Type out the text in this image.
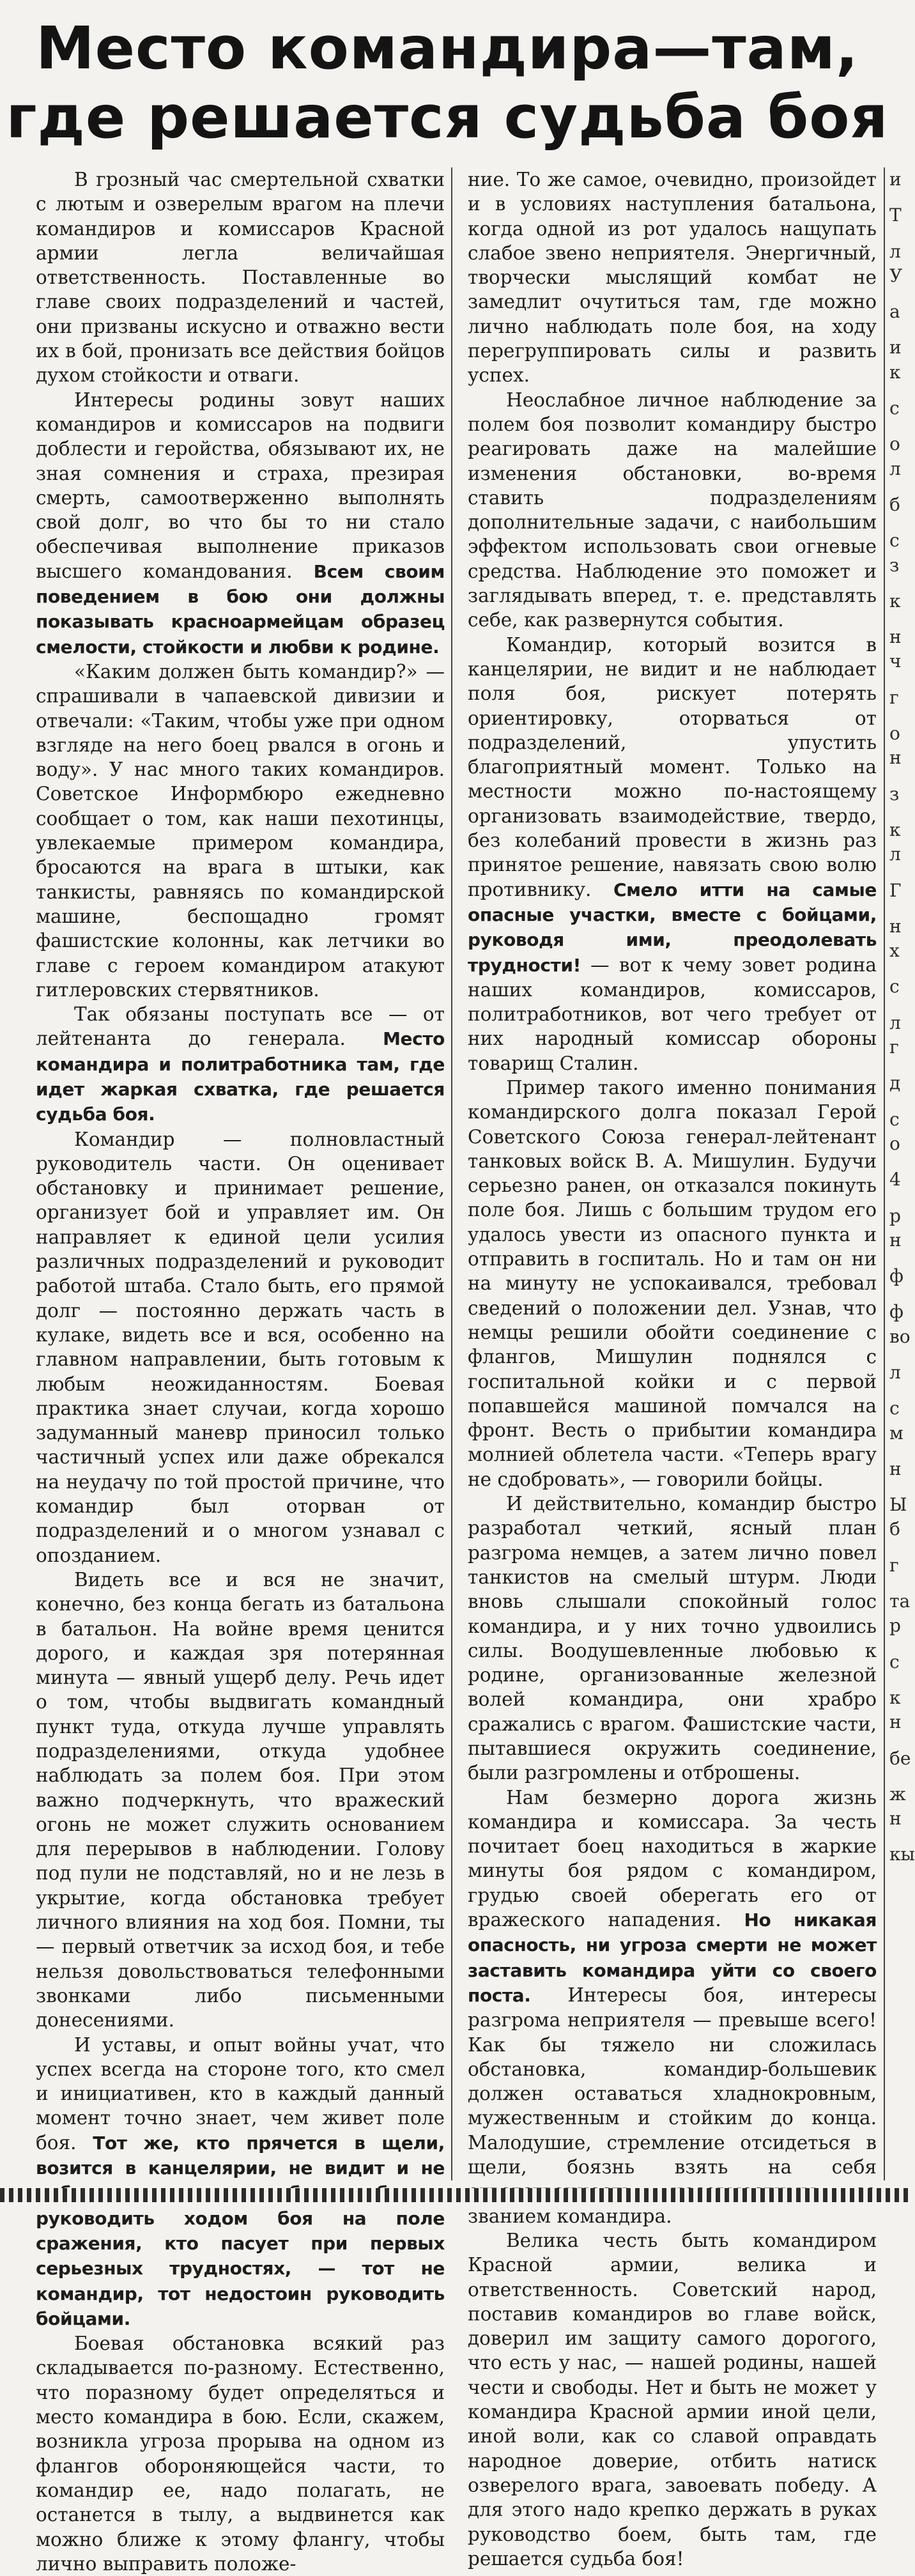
Место командира—там,
где решается судьба боя

В грозный час смертельной схватки с лютым и озверелым врагом на плечи командиров и комиссаров Красной армии легла величайшая ответственность. Поставленные во главе своих подразделений и частей, они призваны искусно и отважно вести их в бой, пронизать все действия бойцов духом стойкости и отваги.

Интересы родины зовут наших командиров и комиссаров на подвиги доблести и геройства, обязывают их, не зная сомнения и страха, презирая смерть, самоотверженно выполнять свой долг, во что бы то ни стало обеспечивая выполнение приказов высшего командования. Всем своим поведением в бою они должны показывать красноармейцам образец смелости, стойкости и любви к родине.

«Каким должен быть командир?» — спрашивали в чапаевской дивизии и отвечали: «Таким, чтобы уже при одном взгляде на него боец рвался в огонь и воду». У нас много таких командиров. Советское Информбюро ежедневно сообщает о том, как наши пехотинцы, увлекаемые примером командира, бросаются на врага в штыки, как танкисты, равняясь по командирской машине, беспощадно громят фашистские колонны, как летчики во главе с героем командиром атакуют гитлеровских стервятников.

Так обязаны поступать все — от лейтенанта до генерала. Место командира и политработника там, где идет жаркая схватка, где решается судьба боя.

Командир — полновластный руководитель части. Он оценивает обстановку и принимает решение, организует бой и управляет им. Он направляет к единой цели усилия различных подразделений и руководит работой штаба. Стало быть, его прямой долг — постоянно держать часть в кулаке, видеть все и вся, особенно на главном направлении, быть готовым к любым неожиданностям. Боевая практика знает случаи, когда хорошо задуманный маневр приносил только частичный успех или даже обрекался на неудачу по той простой причине, что командир был оторван от подразделений и о многом узнавал с опозданием.

Видеть все и вся не значит, конечно, без конца бегать из батальона в батальон. На войне время ценится дорого, и каждая зря потерянная минута — явный ущерб делу. Речь идет о том, чтобы выдвигать командный пункт туда, откуда лучше управлять подразделениями, откуда удобнее наблюдать за полем боя. При этом важно подчеркнуть, что вражеский огонь не может служить основанием для перерывов в наблюдении. Голову под пули не подставляй, но и не лезь в укрытие, когда обстановка требует личного влияния на ход боя. Помни, ты — первый ответчик за исход боя, и тебе нельзя довольствоваться телефонными звонками либо письменными донесениями.

И уставы, и опыт войны учат, что успех всегда на стороне того, кто смел и инициативен, кто в каждый данный момент точно знает, чем живет поле боя. Тот же, кто прячется в щели, возится в канцелярии, не видит и не руководить ходом боя на поле сражения, кто пасует при первых серьезных трудностях, — тот не командир, тот недостоин руководить бойцами.

Боевая обстановка всякий раз складывается по-разному. Естественно, что поразному будет определяться и место командира в бою. Если, скажем, возникла угроза прорыва на одном из флангов обороняющейся части, то командир ее, надо полагать, не останется в тылу, а выдвинется как можно ближе к этому флангу, чтобы лично выправить положе-

ние. То же самое, очевидно, произойдет и в условиях наступления батальона, когда одной из рот удалось нащупать слабое звено неприятеля. Энергичный, творчески мыслящий комбат не замедлит очутиться там, где можно лично наблюдать поле боя, на ходу перегруппировать силы и развить успех.

Неослабное личное наблюдение за полем боя позволит командиру быстро реагировать даже на малейшие изменения обстановки, во-время ставить подразделениям дополнительные задачи, с наибольшим эффектом использовать свои огневые средства. Наблюдение это поможет и заглядывать вперед, т. е. представлять себе, как развернутся события.

Командир, который возится в канцелярии, не видит и не наблюдает поля боя, рискует потерять ориентировку, оторваться от подразделений, упустить благоприятный момент. Только на местности можно по-настоящему организовать взаимодействие, твердо, без колебаний провести в жизнь раз принятое решение, навязать свою волю противнику. Смело итти на самые опасные участки, вместе с бойцами, руководя ими, преодолевать трудности! — вот к чему зовет родина наших командиров, комиссаров, политработников, вот чего требует от них народный комиссар обороны товарищ Сталин.

Пример такого именно понимания командирского долга показал Герой Советского Союза генерал-лейтенант танковых войск В. А. Мишулин. Будучи серьезно ранен, он отказался покинуть поле боя. Лишь с большим трудом его удалось увести из опасного пункта и отправить в госпиталь. Но и там он ни на минуту не успокаивался, требовал сведений о положении дел. Узнав, что немцы решили обойти соединение с флангов, Мишулин поднялся с госпитальной койки и с первой попавшейся машиной помчался на фронт. Весть о прибытии командира молнией облетела части. «Теперь врагу не сдобровать», — говорили бойцы.

И действительно, командир быстро разработал четкий, ясный план разгрома немцев, а затем лично повел танкистов на смелый штурм. Люди вновь слышали спокойный голос командира, и у них точно удвоились силы. Воодушевленные любовью к родине, организованные железной волей командира, они храбро сражались с врагом. Фашистские части, пытавшиеся окружить соединение, были разгромлены и отброшены.

Нам безмерно дорога жизнь командира и комиссара. За честь почитает боец находиться в жаркие минуты боя рядом с командиром, грудью своей оберегать его от вражеского нападения. Но никакая опасность, ни угроза смерти не может заставить командира уйти со своего поста. Интересы боя, интересы разгрома неприятеля — превыше всего! Как бы тяжело ни сложилась обстановка, командир-большевик должен оставаться хладнокровным, мужественным и стойким до конца. Малодушие, стремление отсидеться в щели, боязнь взять на себя званием командира.

Велика честь быть командиром Красной армии, велика и ответственность. Советский народ, поставив командиров во главе войск, доверил им защиту самого дорогого, что есть у нас, — нашей родины, нашей чести и свободы. Нет и быть не может у командира Красной армии иной цели, иной воли, как со славой оправдать народное доверие, отбить натиск озверелого врага, завоевать победу. А для этого надо крепко держать в руках руководство боем, быть там, где решается судьба боя!

и
Т
л
У
а
и
к
с
о
л
б
с
з
к
н
ч
г
о
н
з
к
л
Г
н
х
с
л
г
д
с
о
4
р
н
ф
ф
во
л
с
м
н
Ы
б
г
та
р
с
к
н
бе
ж
н
кы
